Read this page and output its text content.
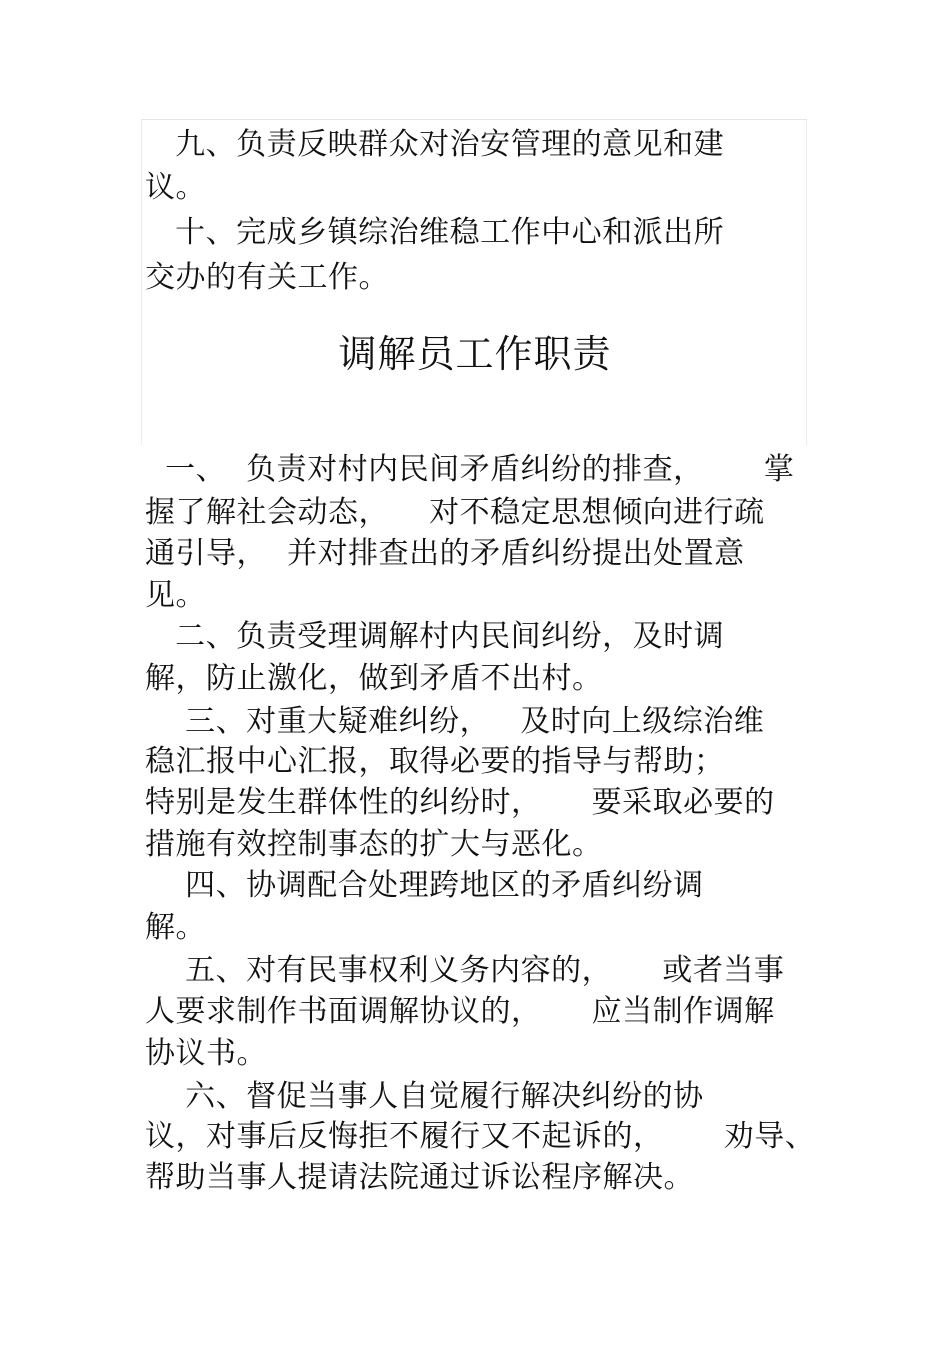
九、负责反映群众对治安管理的意见和建
议。
十、完成乡镇综治维稳工作中心和派出所
交办的有关工作。
调解员工作职责
一、  负责对村内民间矛盾纠纷的排查，      掌
握了解社会动态，    对不稳定思想倾向进行疏
通引导，  并对排查出的矛盾纠纷提出处置意
见。
二、负责受理调解村内民间纠纷，及时调
解，防止激化，做到矛盾不出村。
三、对重大疑难纠纷，   及时向上级综治维
稳汇报中心汇报，取得必要的指导与帮助；
特别是发生群体性的纠纷时，     要采取必要的
措施有效控制事态的扩大与恶化。
四、协调配合处理跨地区的矛盾纠纷调
解。
五、对有民事权利义务内容的，     或者当事
人要求制作书面调解协议的，     应当制作调解
协议书。
六、督促当事人自觉履行解决纠纷的协
议，对事后反悔拒不履行又不起诉的，      劝导、
帮助当事人提请法院通过诉讼程序解决。
